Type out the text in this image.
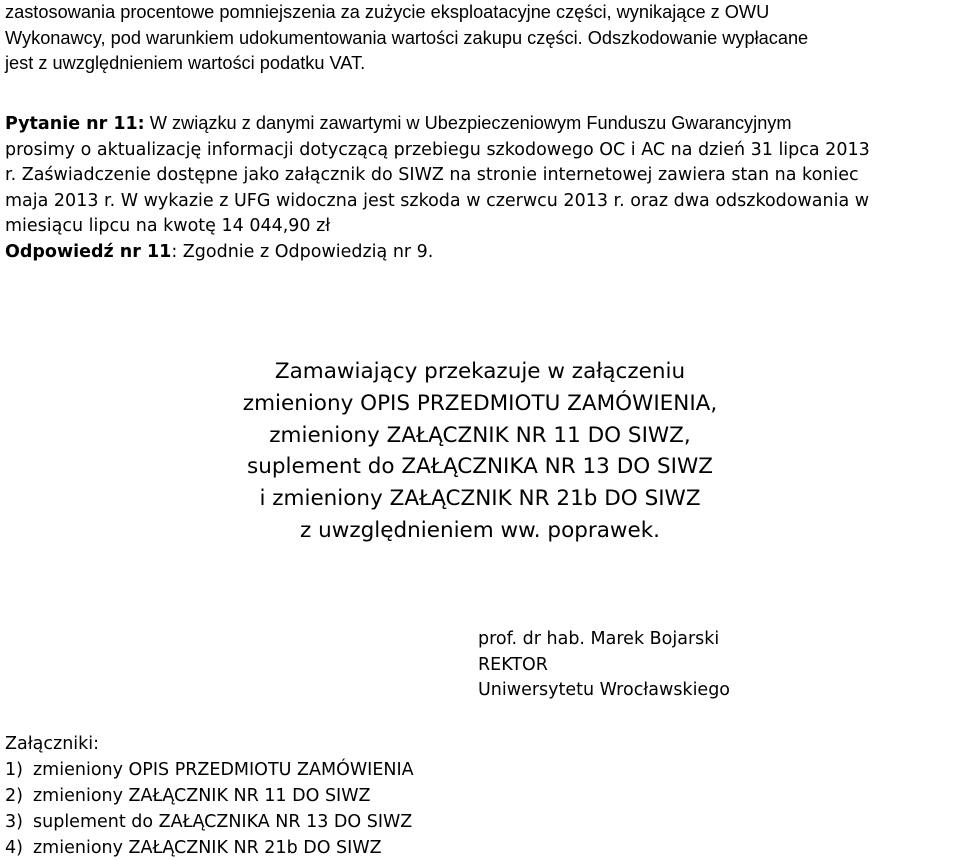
zastosowania procentowe pomniejszenia za zużycie eksploatacyjne części, wynikające z OWU
Wykonawcy, pod warunkiem udokumentowania wartości zakupu części. Odszkodowanie wypłacane
jest z uwzględnieniem wartości podatku VAT.
Pytanie nr 11: W związku z danymi zawartymi w Ubezpieczeniowym Funduszu Gwarancyjnym
prosimy o aktualizację informacji dotyczącą przebiegu szkodowego OC i AC na dzień 31 lipca 2013
r. Zaświadczenie dostępne jako załącznik do SIWZ na stronie internetowej zawiera stan na koniec
maja 2013 r. W wykazie z UFG widoczna jest szkoda w czerwcu 2013 r. oraz dwa odszkodowania w
miesiącu lipcu na kwotę 14 044,90 zł
Odpowiedź nr 11: Zgodnie z Odpowiedzią nr 9.
Zamawiający przekazuje w załączeniu
zmieniony OPIS PRZEDMIOTU ZAMÓWIENIA,
zmieniony ZAŁĄCZNIK NR 11 DO SIWZ,
suplement do ZAŁĄCZNIKA NR 13 DO SIWZ
i zmieniony ZAŁĄCZNIK NR 21b DO SIWZ
z uwzględnieniem ww. poprawek.
prof. dr hab. Marek Bojarski
REKTOR
Uniwersytetu Wrocławskiego
Załączniki:
1) zmieniony OPIS PRZEDMIOTU ZAMÓWIENIA
2) zmieniony ZAŁĄCZNIK NR 11 DO SIWZ
3) suplement do ZAŁĄCZNIKA NR 13 DO SIWZ
4) zmieniony ZAŁĄCZNIK NR 21b DO SIWZ
